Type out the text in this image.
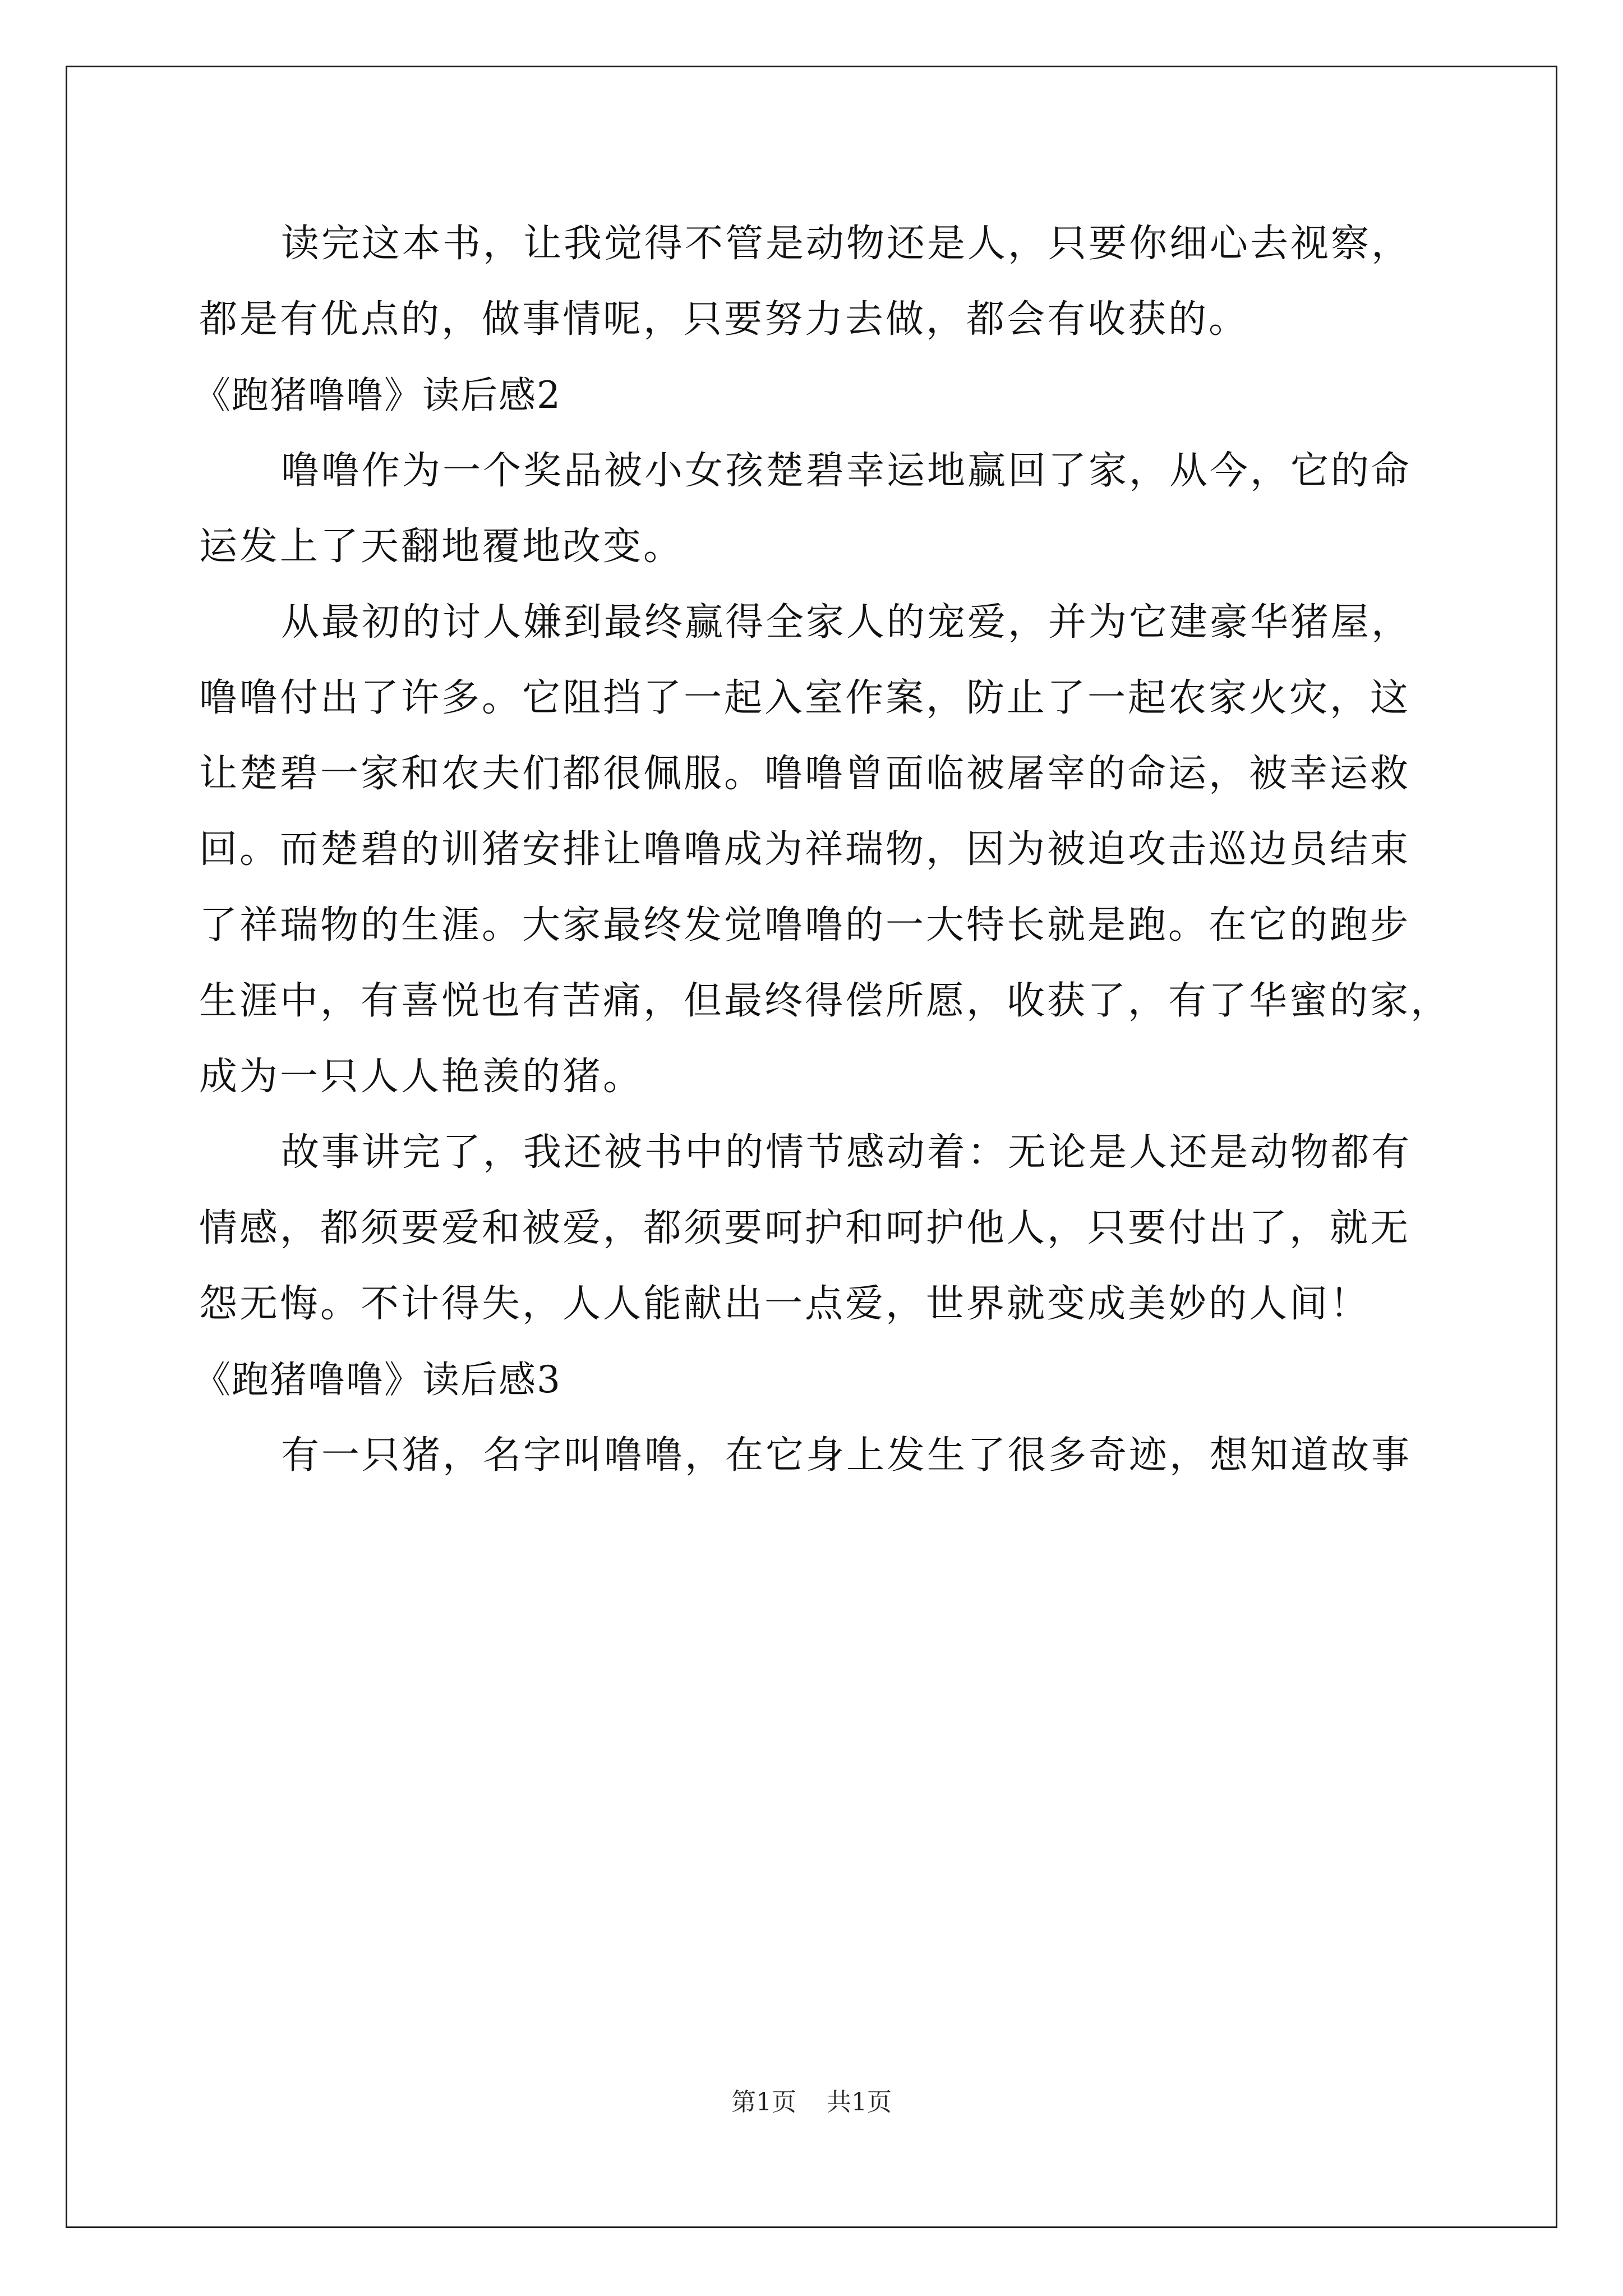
读完这本书，让我觉得不管是动物还是人，只要你细心去视察，
都是有优点的，做事情呢，只要努力去做，都会有收获的。
《跑猪噜噜》读后感2
噜噜作为一个奖品被小女孩楚碧幸运地赢回了家，从今，它的命
运发上了天翻地覆地改变。
从最初的讨人嫌到最终赢得全家人的宠爱，并为它建豪华猪屋，
噜噜付出了许多。它阻挡了一起入室作案，防止了一起农家火灾，这
让楚碧一家和农夫们都很佩服。噜噜曾面临被屠宰的命运，被幸运救
回。而楚碧的训猪安排让噜噜成为祥瑞物，因为被迫攻击巡边员结束
了祥瑞物的生涯。大家最终发觉噜噜的一大特长就是跑。在它的跑步
生涯中，有喜悦也有苦痛，但最终得偿所愿，收获了，有了华蜜的家，
成为一只人人艳羡的猪。
故事讲完了，我还被书中的情节感动着：无论是人还是动物都有
情感，都须要爱和被爱，都须要呵护和呵护他人，只要付出了，就无
怨无悔。不计得失，人人能献出一点爱，世界就变成美妙的人间！
《跑猪噜噜》读后感3
有一只猪，名字叫噜噜，在它身上发生了很多奇迹，想知道故事
第1页 共1页
